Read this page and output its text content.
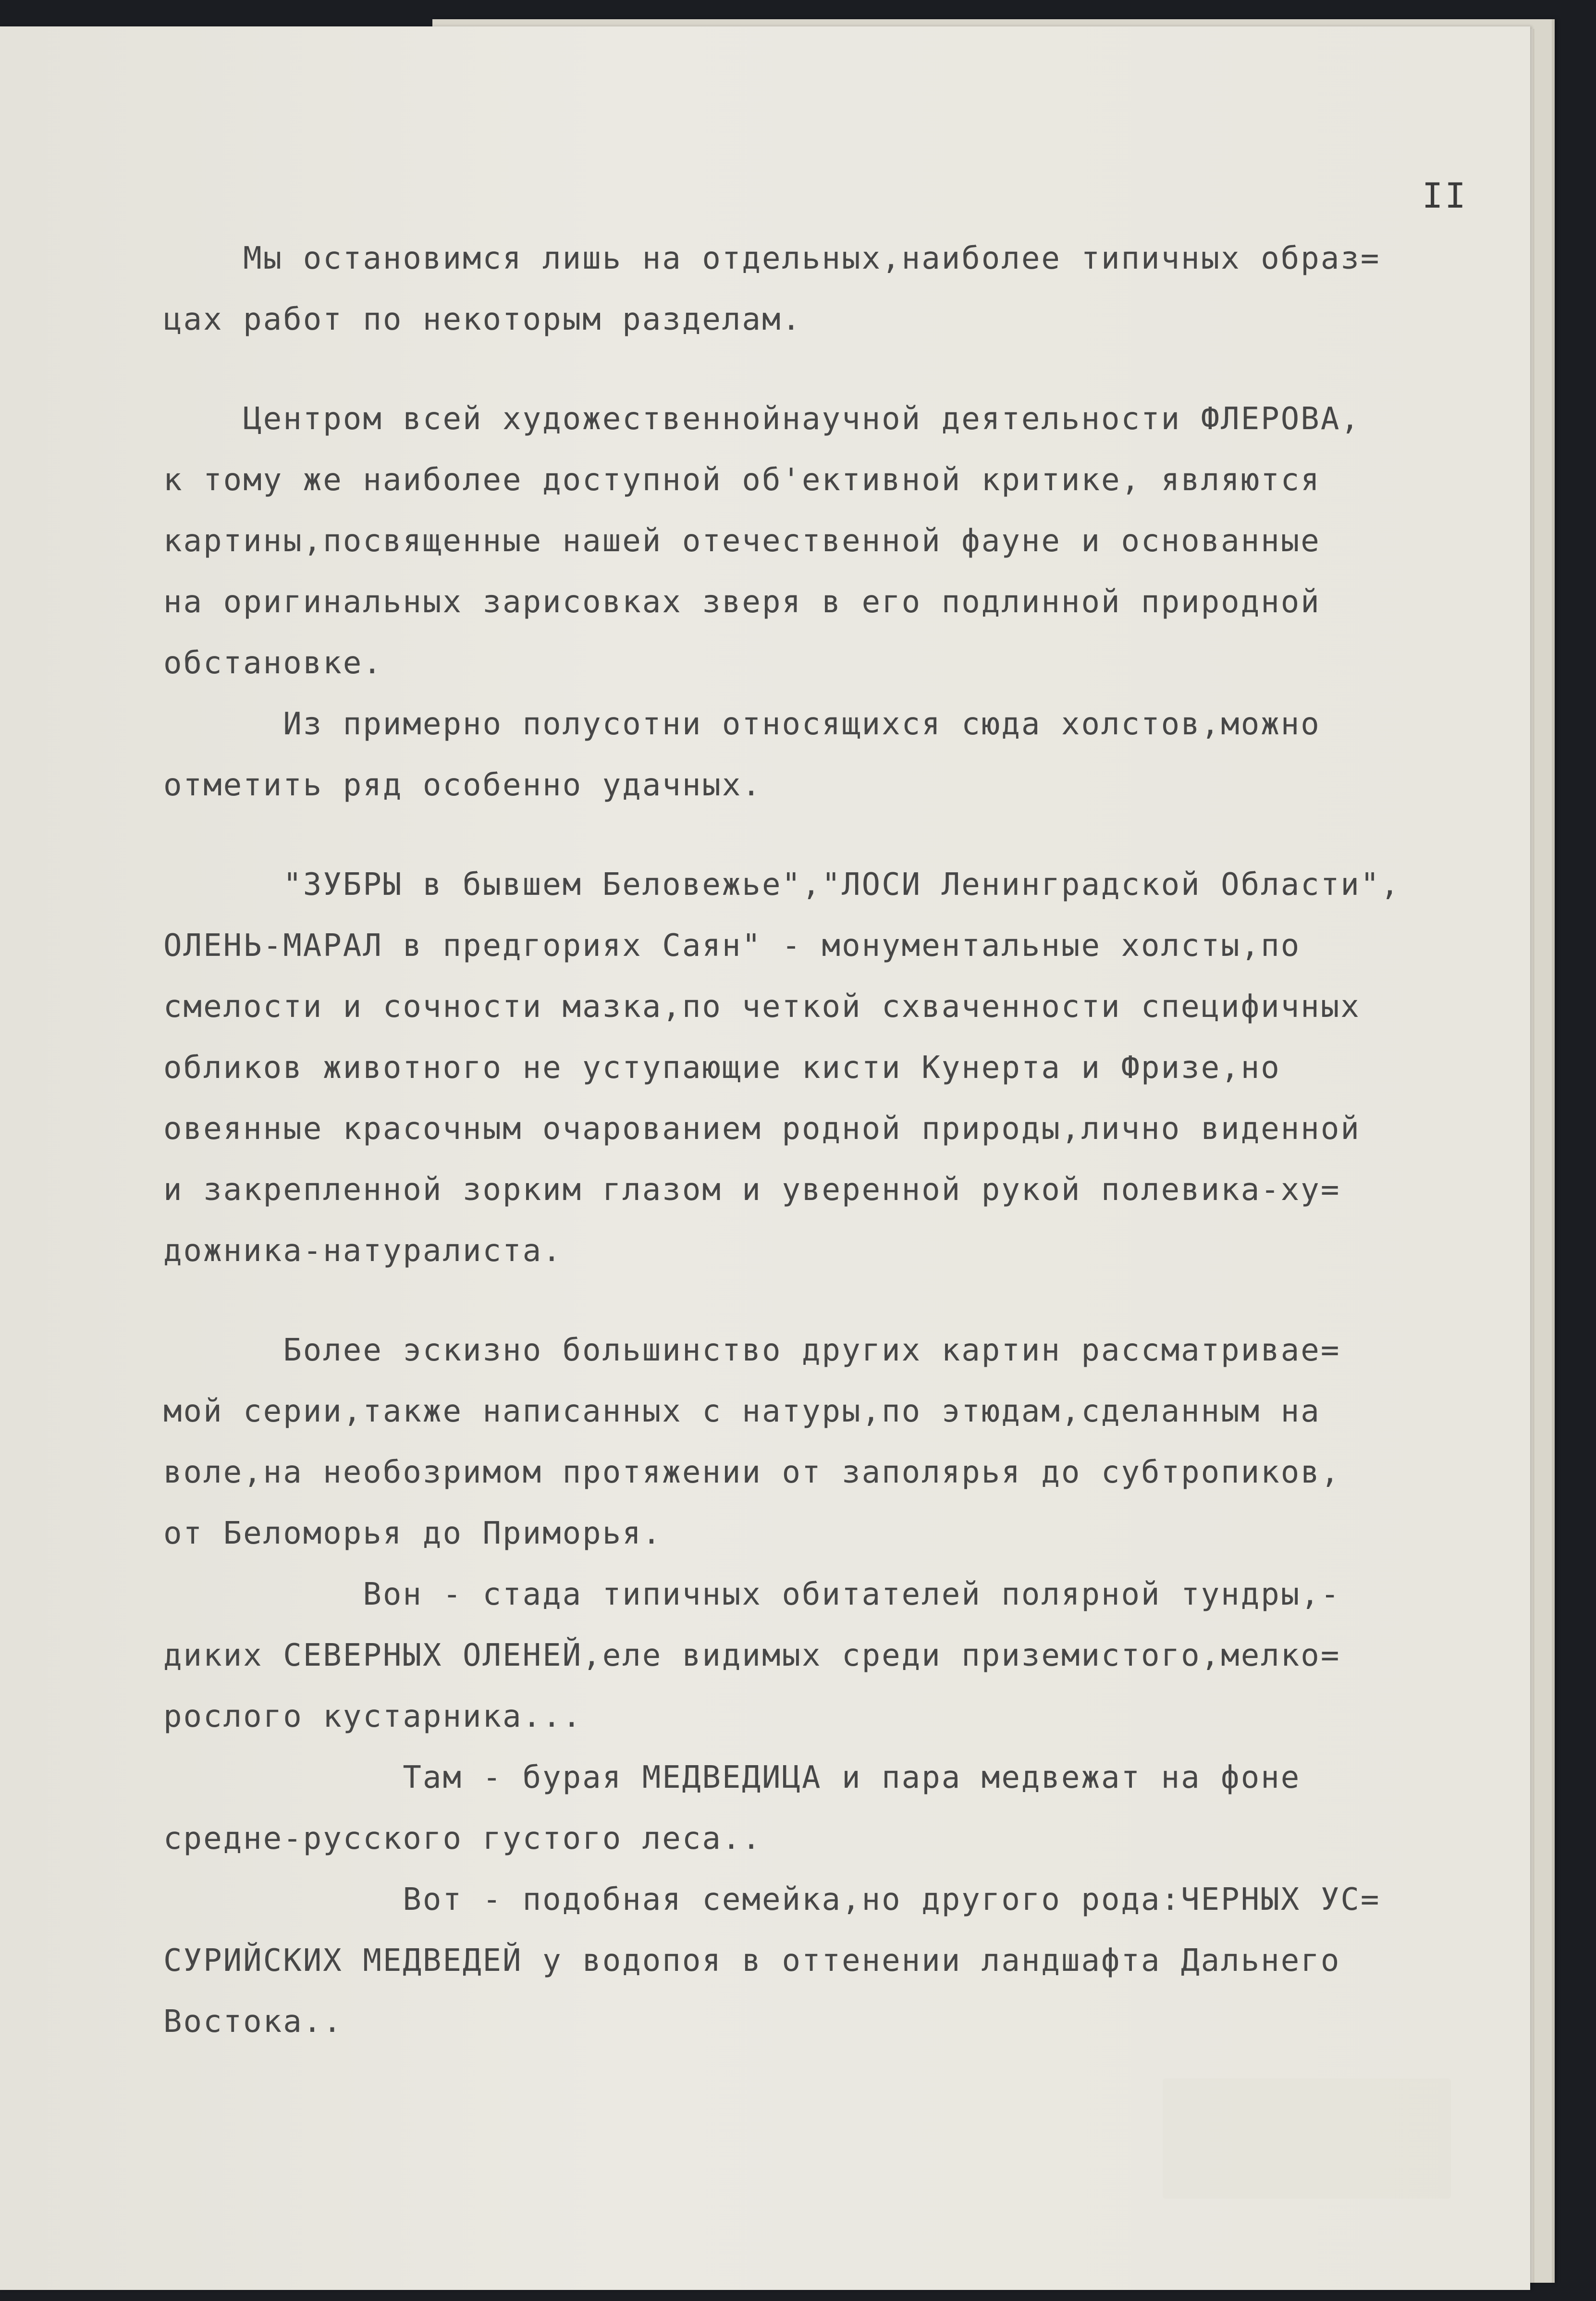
II
Мы остановимся лишь на отдельных,наиболее типичных образ=
цах работ по некоторым разделам.
Центром всей художественнойнаучной деятельности ФЛЕРОВА,
к тому же наиболее доступной об'ективной критике, являются
картины,посвященные нашей отечественной фауне и основанные
на оригинальных зарисовках зверя в его подлинной природной
обстановке.
Из примерно полусотни относящихся сюда холстов,можно
отметить ряд особенно удачных.
"ЗУБРЫ в бывшем Беловежье","ЛОСИ Ленинградской Области",
ОЛЕНЬ-МАРАЛ в предгориях Саян" - монументальные холсты,по
смелости и сочности мазка,по четкой схваченности специфичных
обликов животного не уступающие кисти Кунерта и Фризе,но
овеянные красочным очарованием родной природы,лично виденной
и закрепленной зорким глазом и уверенной рукой полевика-ху=
дожника-натуралиста.
Более эскизно большинство других картин рассматривае=
мой серии,также написанных с натуры,по этюдам,сделанным на
воле,на необозримом протяжении от заполярья до субтропиков,
от Беломорья до Приморья.
Вон - стада типичных обитателей полярной тундры,-
диких СЕВЕРНЫХ ОЛЕНЕЙ,еле видимых среди приземистого,мелко=
рослого кустарника...
Там - бурая МЕДВЕДИЦА и пара медвежат на фоне
средне-русского густого леса..
Вот - подобная семейка,но другого рода:ЧЕРНЫХ УС=
СУРИЙСКИХ МЕДВЕДЕЙ у водопоя в оттенении ландшафта Дальнего
Востока..
